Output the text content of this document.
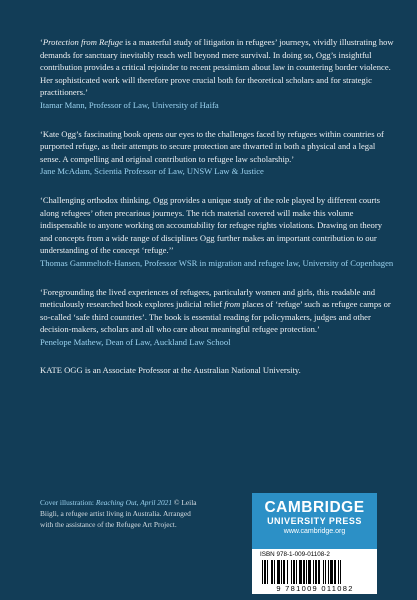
‘Protection from Refuge is a masterful study of litigation in refugees’ journeys, vividly illustrating how demands for sanctuary inevitably reach well beyond mere survival. In doing so, Ogg’s insightful contribution provides a critical rejoinder to recent pessimism about law in countering border violence. Her sophisticated work will therefore prove crucial both for theoretical scholars and for strategic practitioners.’

Itamar Mann, Professor of Law, University of Haifa

‘Kate Ogg’s fascinating book opens our eyes to the challenges faced by refugees within countries of purported refuge, as their attempts to secure protection are thwarted in both a physical and a legal sense. A compelling and original contribution to refugee law scholarship.’

Jane McAdam, Scientia Professor of Law, UNSW Law & Justice

‘Challenging orthodox thinking, Ogg provides a unique study of the role played by different courts along refugees’ often precarious journeys. The rich material covered will make this volume indispensable to anyone working on accountability for refugee rights violations. Drawing on theory and concepts from a wide range of disciplines Ogg further makes an important contribution to our understanding of the concept ‘refuge.’’

Thomas Gammeltoft-Hansen, Professor WSR in migration and refugee law, University of Copenhagen

‘Foregrounding the lived experiences of refugees, particularly women and girls, this readable and meticulously researched book explores judicial relief from places of ‘refuge’ such as refugee camps or so-called ‘safe third countries’. The book is essential reading for policymakers, judges and other decision-makers, scholars and all who care about meaningful refugee protection.’

Penelope Mathew, Dean of Law, Auckland Law School

KATE OGG is an Associate Professor at the Australian National University.

Cover illustration: Reaching Out, April 2021 © Leila Biigli, a refugee artist living in Australia. Arranged with the assistance of the Refugee Art Project.
CAMBRIDGE
UNIVERSITY PRESS
www.cambridge.org
ISBN 978-1-009-01108-2
9 781009 011082
